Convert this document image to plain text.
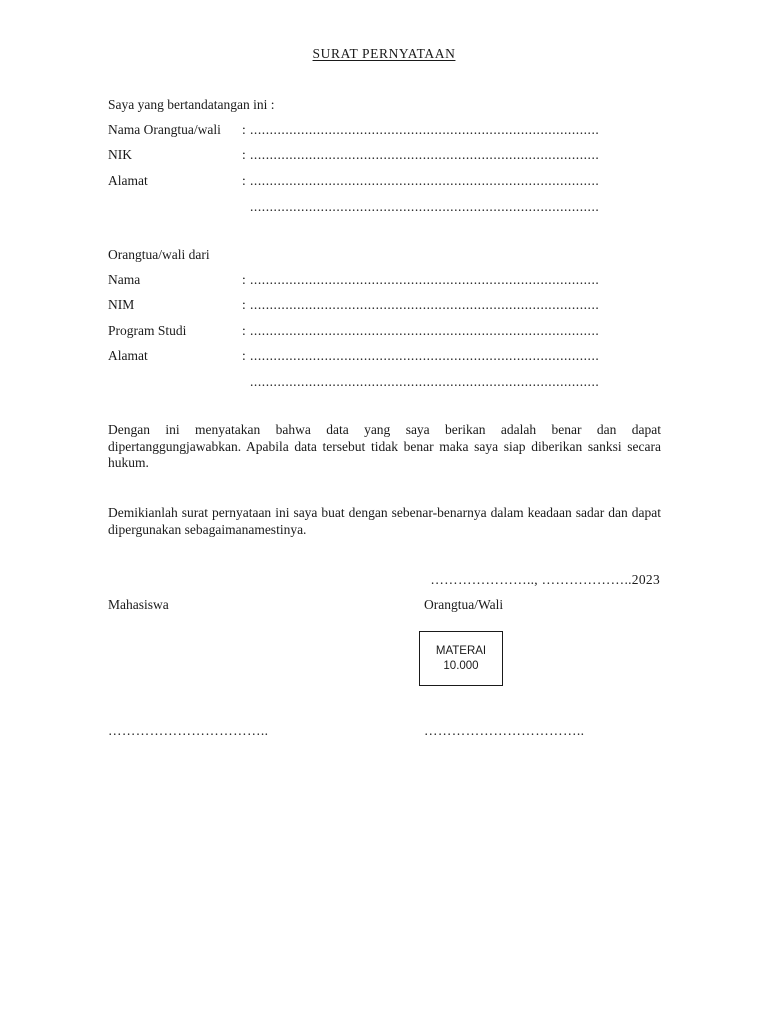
SURAT PERNYATAAN
Saya yang bertandatangan ini :
Nama Orangtua/wali : .........................................................................................
NIK	: .........................................................................................
Alamat	: .........................................................................................
.........................................................................................
Orangtua/wali dari
Nama	: .........................................................................................
NIM	: .........................................................................................
Program Studi	: .........................................................................................
Alamat	: .........................................................................................
.........................................................................................
Dengan ini menyatakan bahwa data yang saya berikan adalah benar dan dapat dipertanggungjawabkan. Apabila data tersebut tidak benar maka saya siap diberikan sanksi secara hukum.
Demikianlah surat pernyataan ini saya buat dengan sebenar-benarnya dalam keadaan sadar dan dapat dipergunakan sebagaimanamestinya.
………………….., ………………..2023
Mahasiswa	Orangtua/Wali
MATERAI
10.000
……………………………..	……………………………..
